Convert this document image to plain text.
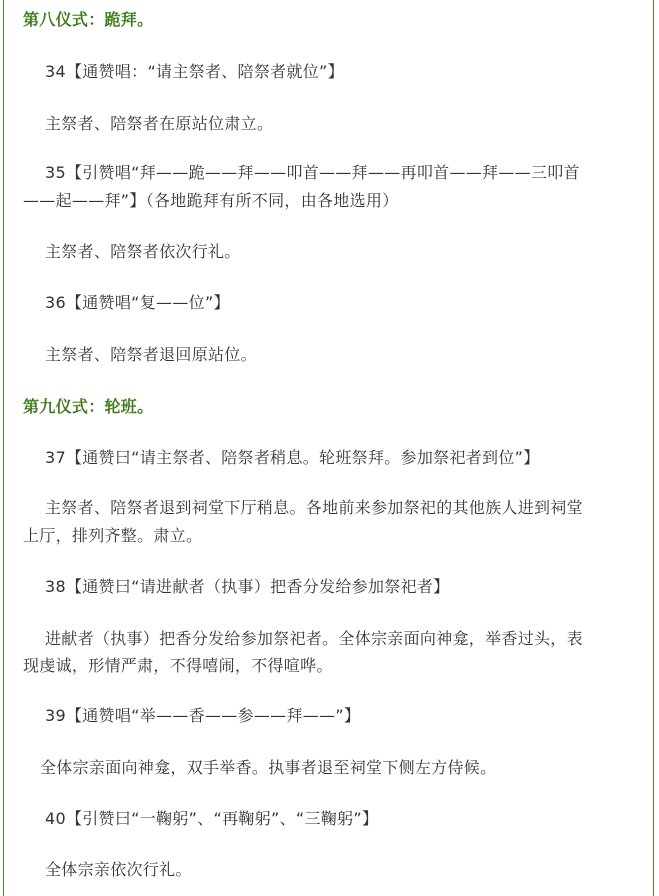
第八仪式：跪拜。
34【通赞唱：“请主祭者、陪祭者就位”】
主祭者、陪祭者在原站位肃立。
35【引赞唱“拜——跪——拜——叩首——拜——再叩首——拜——三叩首
——起——拜”】（各地跪拜有所不同，由各地选用）
主祭者、陪祭者依次行礼。
36【通赞唱“复——位”】
主祭者、陪祭者退回原站位。
第九仪式：轮班。
37【通赞曰“请主祭者、陪祭者稍息。轮班祭拜。参加祭祀者到位”】
主祭者、陪祭者退到祠堂下厅稍息。各地前来参加祭祀的其他族人进到祠堂
上厅，排列齐整。肃立。
38【通赞曰“请进献者（执事）把香分发给参加祭祀者】
进献者（执事）把香分发给参加祭祀者。全体宗亲面向神龛，举香过头，表
现虔诚，形情严肃，不得嘻闹，不得喧哗。
39【通赞唱“举——香——参——拜——”】
全体宗亲面向神龛，双手举香。执事者退至祠堂下侧左方侍候。
40【引赞曰“一鞠躬”、“再鞠躬”、“三鞠躬”】
全体宗亲依次行礼。
